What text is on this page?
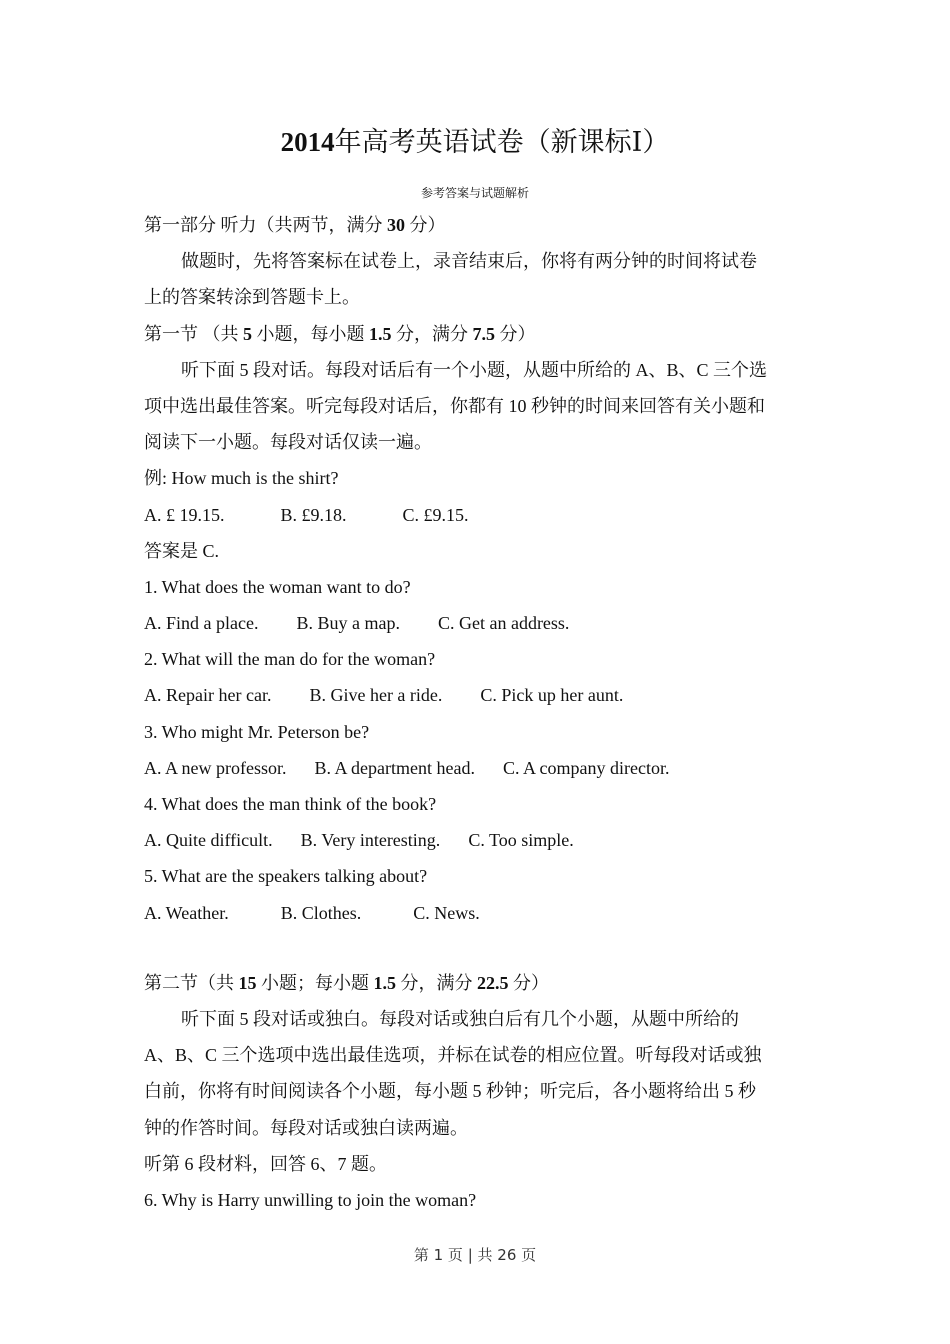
2014年高考英语试卷（新课标Ⅰ）
参考答案与试题解析
第一部分 听力（共两节，满分 30 分）
做题时，先将答案标在试卷上，录音结束后，你将有两分钟的时间将试卷
上的答案转涂到答题卡上。
第一节 （共 5 小题，每小题 1.5 分，满分 7.5 分）
听下面 5 段对话。每段对话后有一个小题，从题中所给的 A、B、C 三个选
项中选出最佳答案。听完每段对话后，你都有 10 秒钟的时间来回答有关小题和
阅读下一小题。每段对话仅读一遍。
例: How much is the shirt?
A. £ 19.15.	B. £9.18.	C. £9.15.
答案是 C.
1. What does the woman want to do?
A. Find a place. B. Buy a map. C. Get an address.
2. What will the man do for the woman?
A. Repair her car. B. Give her a ride. C. Pick up her aunt.
3. Who might Mr. Peterson be?
A. A new professor. B. A department head. C. A company director.
4. What does the man think of the book?
A. Quite difficult. B. Very interesting. C. Too simple.
5. What are the speakers talking about?
A. Weather.	B. Clothes.	C. News.
第二节（共 15 小题；每小题 1.5 分，满分 22.5 分）
听下面 5 段对话或独白。每段对话或独白后有几个小题，从题中所给的
A、B、C 三个选项中选出最佳选项，并标在试卷的相应位置。听每段对话或独
白前，你将有时间阅读各个小题，每小题 5 秒钟；听完后，各小题将给出 5 秒
钟的作答时间。每段对话或独白读两遍。
听第 6 段材料，回答 6、7 题。
6. Why is Harry unwilling to join the woman?
第 1 页 | 共 26 页
